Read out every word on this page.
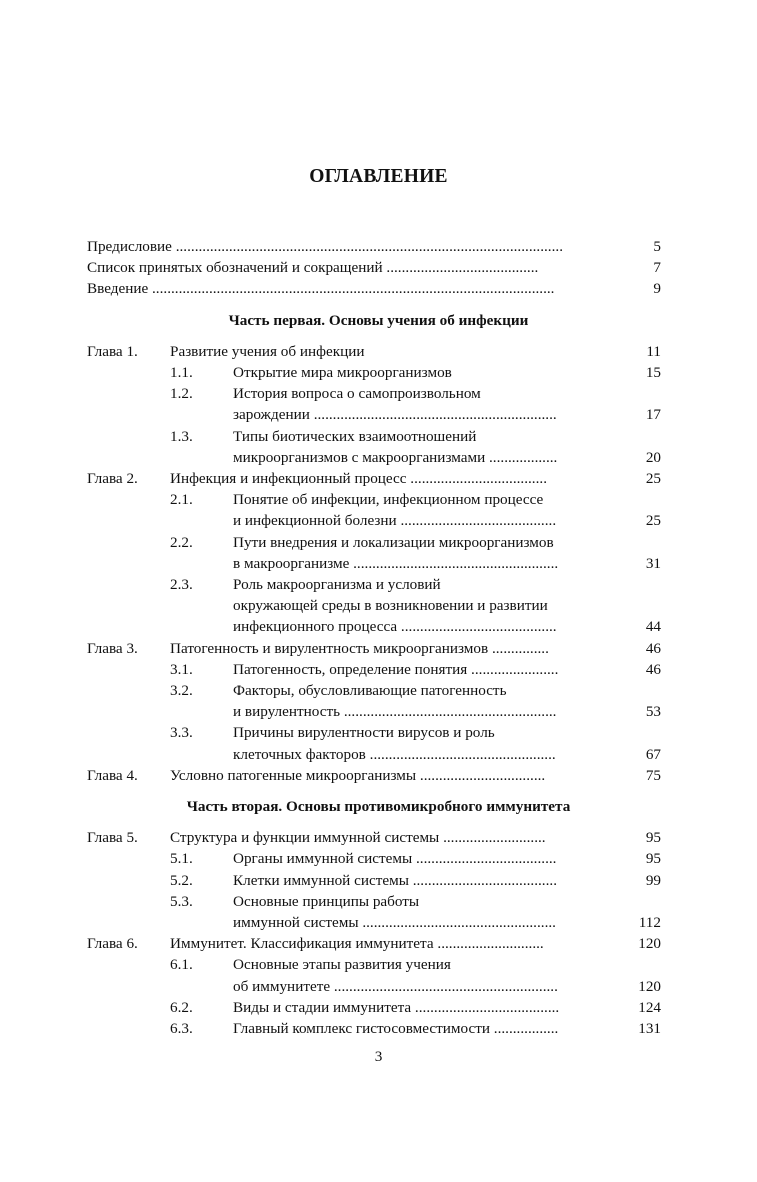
ОГЛАВЛЕНИЕ
Предисловие ......................................................................................................	5
Список принятых обозначений и сокращений ........................................	7
Введение ..........................................................................................................	9
Часть первая. Основы учения об инфекции
Глава 1. Развитие учения об инфекции	11
1.1.	Открытие мира микроорганизмов	15
1.2.	История вопроса о самопроизвольном
зарождении ................................................................	17
1.3.	Типы биотических взаимоотношений
микроорганизмов с макроорганизмами ..................	20
Глава 2. Инфекция и инфекционный процесс ....................................	25
2.1.	Понятие об инфекции, инфекционном процессе
и инфекционной болезни .........................................	25
2.2.	Пути внедрения и локализации микроорганизмов
в макроорганизме ......................................................	31
2.3.	Роль макроорганизма и условий
окружающей среды в возникновении и развитии
инфекционного процесса .........................................	44
Глава 3. Патогенность и вирулентность микроорганизмов ...............	46
3.1.	Патогенность, определение понятия .......................	46
3.2.	Факторы, обусловливающие патогенность
и вирулентность ........................................................	53
3.3.	Причины вирулентности вирусов и роль
клеточных факторов .................................................	67
Глава 4. Условно патогенные микроорганизмы .................................	75
Часть вторая. Основы противомикробного иммунитета
Глава 5. Структура и функции иммунной системы ...........................	95
5.1.	Органы иммунной системы .....................................	95
5.2.	Клетки иммунной системы ......................................	99
5.3.	Основные принципы работы
иммунной системы ...................................................	112
Глава 6. Иммунитет. Классификация иммунитета ............................	120
6.1.	Основные этапы развития учения
об иммунитете ...........................................................	120
6.2.	Виды и стадии иммунитета ......................................	124
6.3.	Главный комплекс гистосовместимости .................	131
3
